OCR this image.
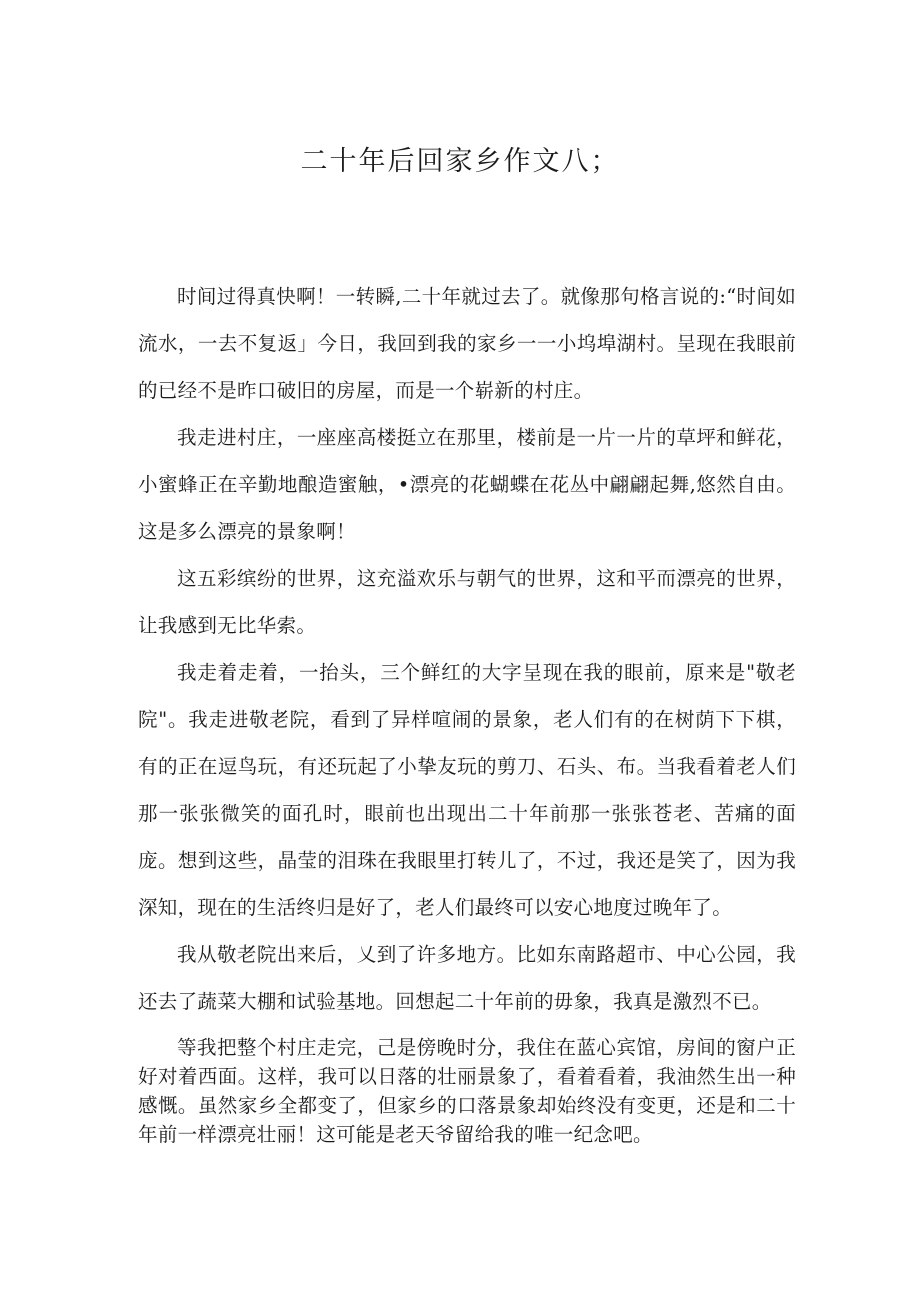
二十年后回家乡作文八；

时间过得真快啊！一转瞬,二十年就过去了。就像那句格言说的:“时间如流水，一去不复返」今日，我回到我的家乡一一小坞埠湖村。呈现在我眼前的已经不是昨口破旧的房屋，而是一个崭新的村庄。

我走进村庄，一座座高楼挺立在那里，楼前是一片一片的草坪和鲜花，小蜜蜂正在辛勤地酿造蜜触，•漂亮的花蝴蝶在花丛中翩翩起舞,悠然自由。这是多么漂亮的景象啊！

这五彩缤纷的世界，这充溢欢乐与朝气的世界，这和平而漂亮的世界，让我感到无比华索。

我走着走着，一抬头，三个鲜红的大字呈现在我的眼前，原来是"敬老院"。我走进敬老院，看到了异样喧闹的景象，老人们有的在树荫下下棋，有的正在逗鸟玩，有还玩起了小挚友玩的剪刀、石头、布。当我看着老人们那一张张微笑的面孔时，眼前也出现出二十年前那一张张苍老、苦痛的面庞。想到这些，晶莹的泪珠在我眼里打转儿了，不过，我还是笑了，因为我深知，现在的生活终归是好了，老人们最终可以安心地度过晚年了。

我从敬老院出来后，乂到了许多地方。比如东南路超市、中心公园，我还去了蔬菜大棚和试验基地。回想起二十年前的毋象，我真是激烈不已。

等我把整个村庄走完，己是傍晚时分，我住在蓝心宾馆，房间的窗户正好对着西面。这样，我可以日落的壮丽景象了，看着看着，我油然生出一种感慨。虽然家乡全都变了，但家乡的口落景象却始终没有变更，还是和二十年前一样漂亮壮丽！这可能是老天爷留给我的唯一纪念吧。
